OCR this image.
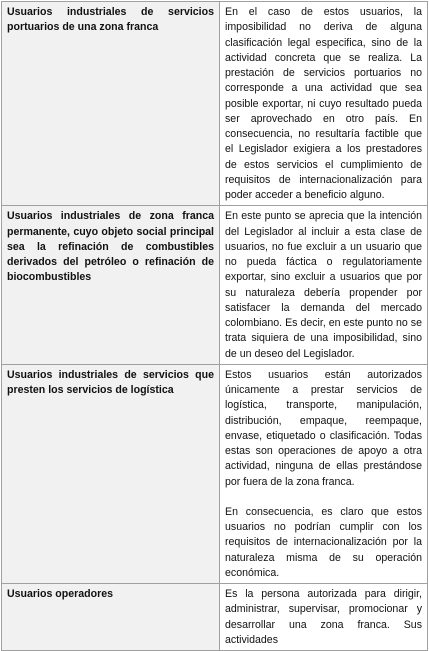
Usuarios industriales de servicios portuarios de una zona franca	En el caso de estos usuarios, la imposibilidad no deriva de alguna clasificación legal especifica, sino de la actividad concreta que se realiza. La prestación de servicios portuarios no corresponde a una actividad que sea posible exportar, ni cuyo resultado pueda ser aprovechado en otro país. En consecuencia, no resultaría factible que el Legislador exigiera a los prestadores de estos servicios el cumplimiento de requisitos de internacionalización para poder acceder a beneficio alguno.

Usuarios industriales de zona franca permanente, cuyo objeto social principal sea la refinación de combustibles derivados del petróleo o refinación de biocombustibles	En este punto se aprecia que la intención del Legislador al incluir a esta clase de usuarios, no fue excluir a un usuario que no pueda fáctica o regulatoriamente exportar, sino excluir a usuarios que por su naturaleza debería propender por satisfacer la demanda del mercado colombiano. Es decir, en este punto no se trata siquiera de una imposibilidad, sino de un deseo del Legislador.

Usuarios industriales de servicios que presten los servicios de logística	Estos usuarios están autorizados únicamente a prestar servicios de logística, transporte, manipulación, distribución, empaque, reempaque, envase, etiquetado o clasificación. Todas estas son operaciones de apoyo a otra actividad, ninguna de ellas prestándose por fuera de la zona franca.
En consecuencia, es claro que estos usuarios no podrían cumplir con los requisitos de internacionalización por la naturaleza misma de su operación económica.

Usuarios operadores	Es la persona autorizada para dirigir, administrar, supervisar, promocionar y desarrollar una zona franca. Sus actividades
